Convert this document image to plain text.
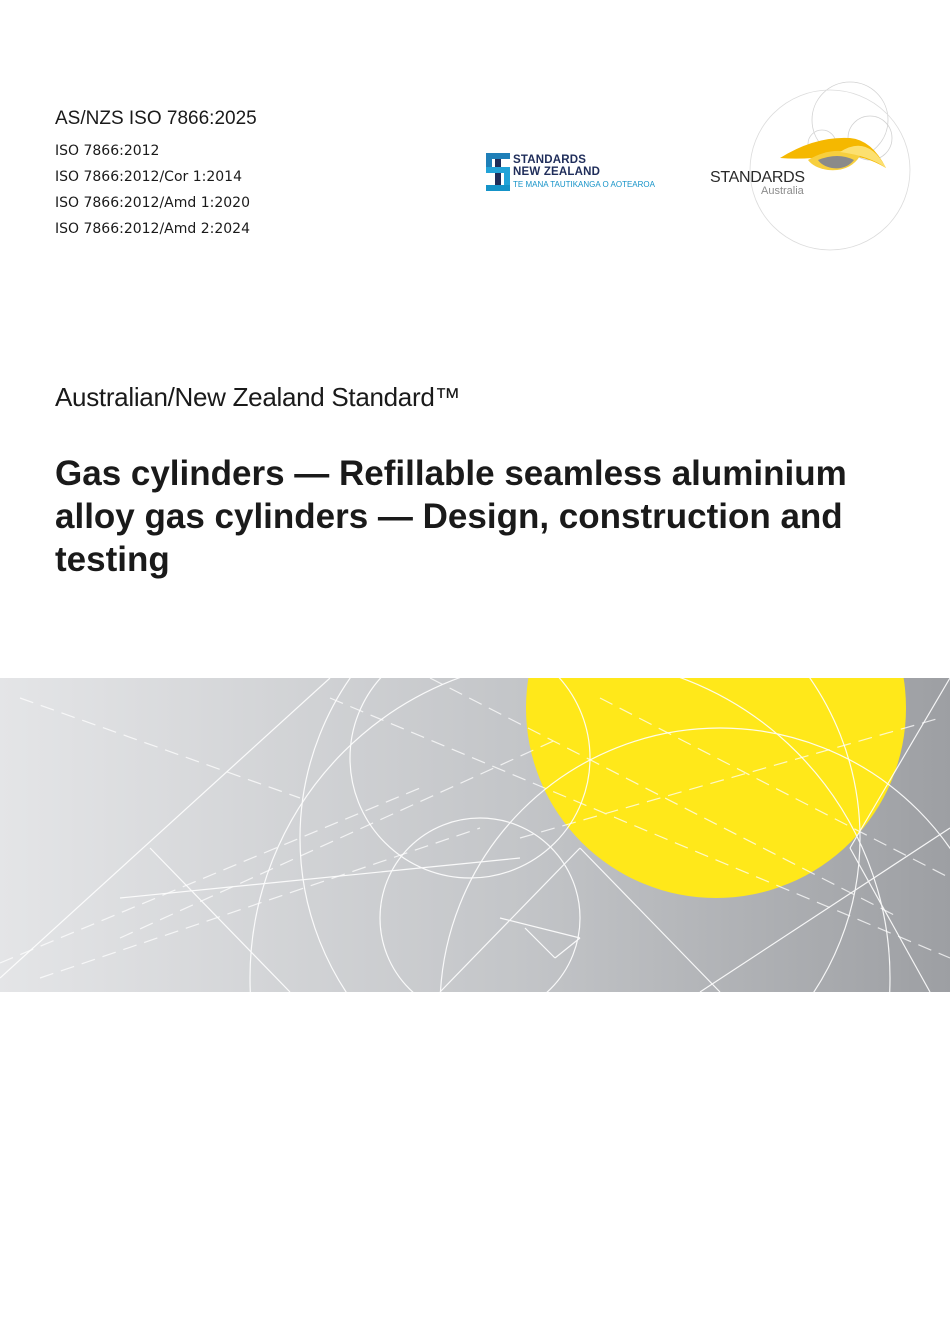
AS/NZS ISO 7866:2025

ISO 7866:2012

ISO 7866:2012/Cor 1:2014

ISO 7866:2012/Amd 1:2020

ISO 7866:2012/Amd 2:2024

STANDARDS
NEW ZEALAND
TE MANA TAUTIKANGA O AOTEAROA	STANDARDS
Australia
Australian/New Zealand Standard™
Gas cylinders — Refillable seamless aluminium alloy gas cylinders — Design, construction and testing
